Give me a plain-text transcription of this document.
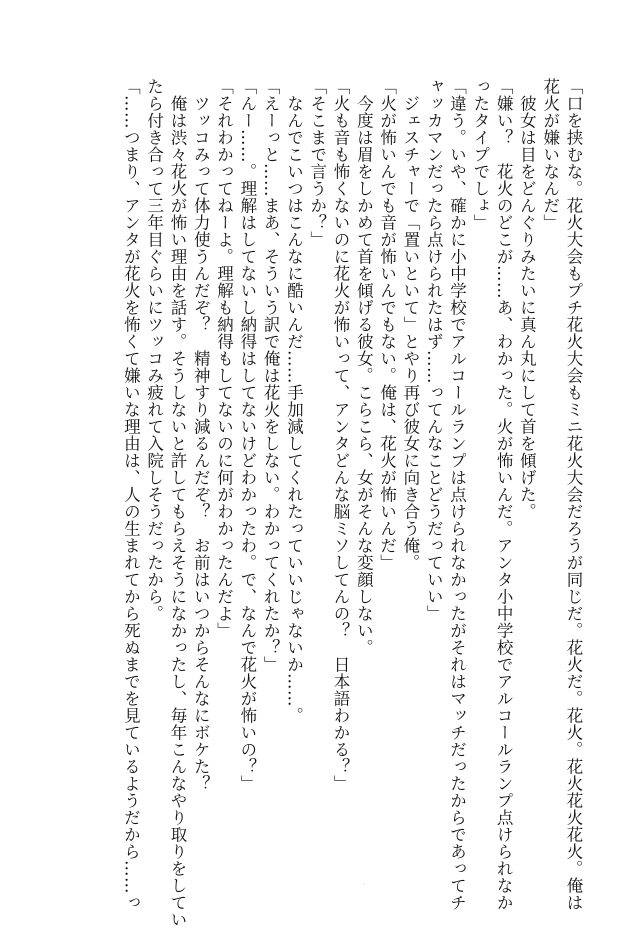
「口を挟むな。花火大会もプチ花火大会もミニ花火大会だろうが同じだ。花火だ。花火。花火花火花火。俺は
花火が嫌いなんだ」
　彼女は目をどんぐりみたいに真ん丸にして首を傾げた。
「嫌い？　花火のどこが……あ、わかった。火が怖いんだ。アンタ小中学校でアルコールランプ点けられなか
ったタイプでしょ」
「違う。いや、確かに小中学校でアルコールランプは点けられなかったがそれはマッチだったからであってチ
ャッカマンだったら点けられたはず……ってんなことどうだっていい」
　ジェスチャーで「置いといて」とやり再び彼女に向き合う俺。
「火が怖いんでも音が怖いんでもない。俺は、花火が怖いんだ」
　今度は眉をしかめて首を傾げる彼女。こらこら、女がそんな変顔しない。
「火も音も怖くないのに花火が怖いって、アンタどんな脳ミソしてんの？　日本語わかる？」
「そこまで言うか？」
　なんでこいつはこんなに酷いんだ……手加減してくれたっていいじゃないか……。
「えーっと……まあ、そういう訳で俺は花火をしない。わかってくれたか？」
「んー……。理解はしてないし納得はしてないけどわかったわ。で、なんで花火が怖いの？」
「それわかってねーよ。理解も納得もしてないのに何がわかったんだよ」
　ツッコみって体力使うんだぞ？　精神すり減るんだぞ？　お前はいつからそんなにボケた？
　俺は渋々花火が怖い理由を話す。そうしないと許してもらえそうになかったし、毎年こんなやり取りをしてい
たら付き合って三年目ぐらいにツッコみ疲れて入院しそうだったから。
「……つまり、アンタが花火を怖くて嫌いな理由は、人の生まれてから死ぬまでを見ているようだから……っ	·
